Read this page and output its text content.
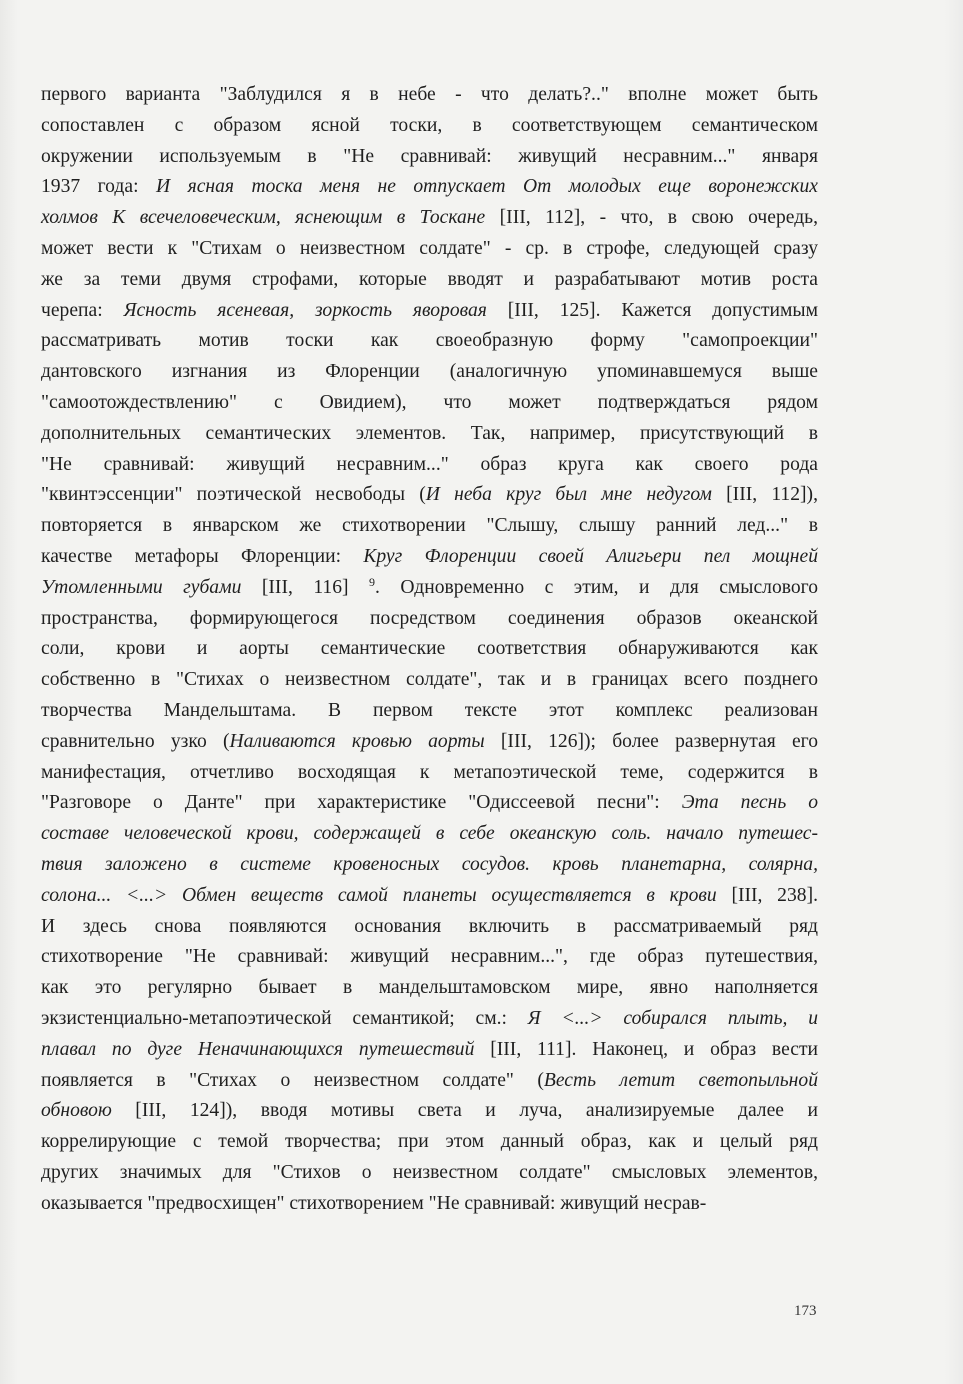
первого варианта "Заблудился я в небе - что делать?.." вполне может быть
сопоставлен с образом ясной тоски, в соответствующем семантическом
окружении используемым в "Не сравнивай: живущий несравним..." января
1937 года: И ясная тоска меня не отпускает От молодых еще воронежских
холмов К всечеловеческим, яснеющим в Тоскане [III, 112], - что, в свою очередь,
может вести к "Стихам о неизвестном солдате" - ср. в строфе, следующей сразу
же за теми двумя строфами, которые вводят и разрабатывают мотив роста
черепа: Ясность ясеневая, зоркость яворовая [III, 125]. Кажется допустимым
рассматривать мотив тоски как своеобразную форму "самопроекции"
дантовского изгнания из Флоренции (аналогичную упоминавшемуся выше
"самоотождествлению" с Овидием), что может подтверждаться рядом
дополнительных семантических элементов. Так, например, присутствующий в
"Не сравнивай: живущий несравним..." образ круга как своего рода
"квинтэссенции" поэтической несвободы (И неба круг был мне недугом [III, 112]),
повторяется в январском же стихотворении "Слышу, слышу ранний лед..." в
качестве метафоры Флоренции: Круг Флоренции своей Алигьери пел мощней
Утомленными губами [III, 116] $^9$. Одновременно с этим, и для смыслового
пространства, формирующегося посредством соединения образов океанской
соли, крови и аорты семантические соответствия обнаруживаются как
собственно в "Стихах о неизвестном солдате", так и в границах всего позднего
творчества Мандельштама. В первом тексте этот комплекс реализован
сравнительно узко (Наливаются кровью аорты [III, 126]); более развернутая его
манифестация, отчетливо восходящая к метапоэтической теме, содержится в
"Разговоре о Данте" при характеристике "Одиссеевой песни": Эта песнь о
составе человеческой крови, содержащей в себе океанскую соль. начало путешес-
твия заложено в системе кровеносных сосудов. кровь планетарна, солярна,
солона... <...> Обмен веществ самой планеты осуществляется в крови [III, 238].
И здесь снова появляются основания включить в рассматриваемый ряд
стихотворение "Не сравнивай: живущий несравним...", где образ путешествия,
как это регулярно бывает в мандельштамовском мире, явно наполняется
экзистенциально-метапоэтической семантикой; см.: Я <...> собирался плыть, и
плавал по дуге Неначинающихся путешествий [III, 111]. Наконец, и образ вести
появляется в "Стихах о неизвестном солдате" (Весть летит светопыльной
обновою [III, 124]), вводя мотивы света и луча, анализируемые далее и
коррелирующие с темой творчества; при этом данный образ, как и целый ряд
других значимых для "Стихов о неизвестном солдате" смысловых элементов,
оказывается "предвосхищен" стихотворением "Не сравнивай: живущий несрав-
173
